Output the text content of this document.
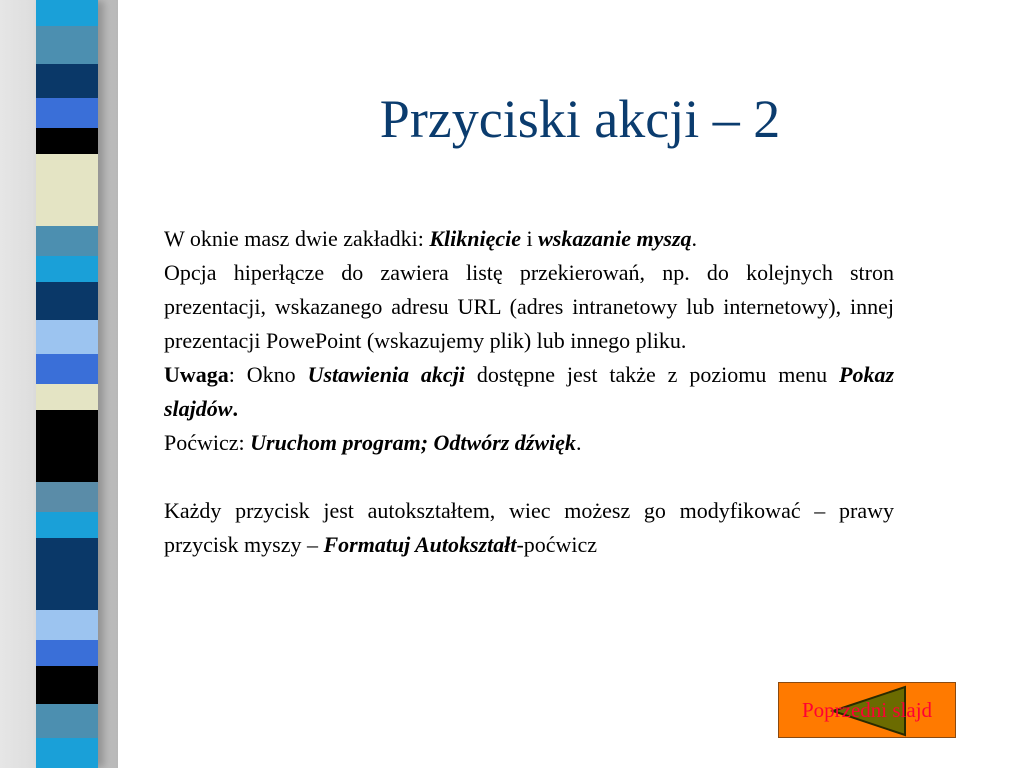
Przyciski akcji – 2

W oknie masz dwie zakładki: Kliknięcie i wskazanie myszą.

Opcja hiperłącze do zawiera listę przekierowań, np. do kolejnych stron prezentacji, wskazanego adresu URL (adres intranetowy lub internetowy), innej prezentacji PowePoint (wskazujemy plik) lub innego pliku.

Uwaga: Okno Ustawienia akcji dostępne jest także z poziomu menu Pokaz slajdów.

Poćwicz: Uruchom program; Odtwórz dźwięk.

Każdy przycisk jest autokształtem, wiec możesz go modyfikować – prawy przycisk myszy – Formatuj Autokształt-poćwicz

Poprzedni slajd
